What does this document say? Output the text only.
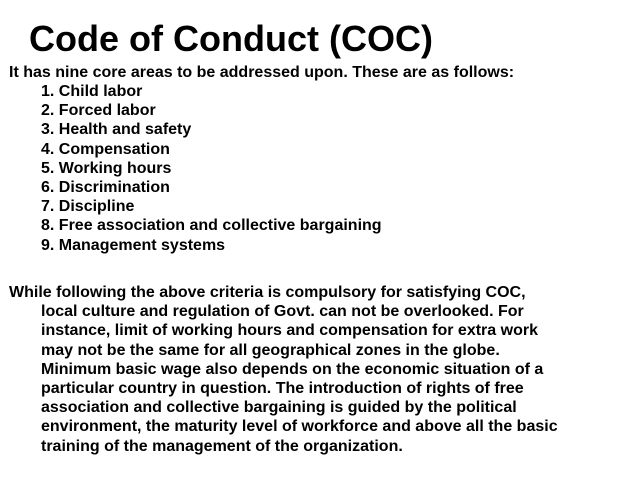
Code of Conduct (COC)
It has nine core areas to be addressed upon. These are as follows:
1. Child labor
2. Forced labor
3. Health and safety
4. Compensation
5. Working hours
6. Discrimination
7. Discipline
8. Free association and collective bargaining
9. Management systems
While following the above criteria is compulsory for satisfying COC,
local culture and regulation of Govt. can not be overlooked. For
instance, limit of working hours and compensation for extra work
may not be the same for all geographical zones in the globe.
Minimum basic wage also depends on the economic situation of a
particular country in question. The introduction of rights of free
association and collective bargaining is guided by the political
environment, the maturity level of workforce and above all the basic
training of the management of the organization.
